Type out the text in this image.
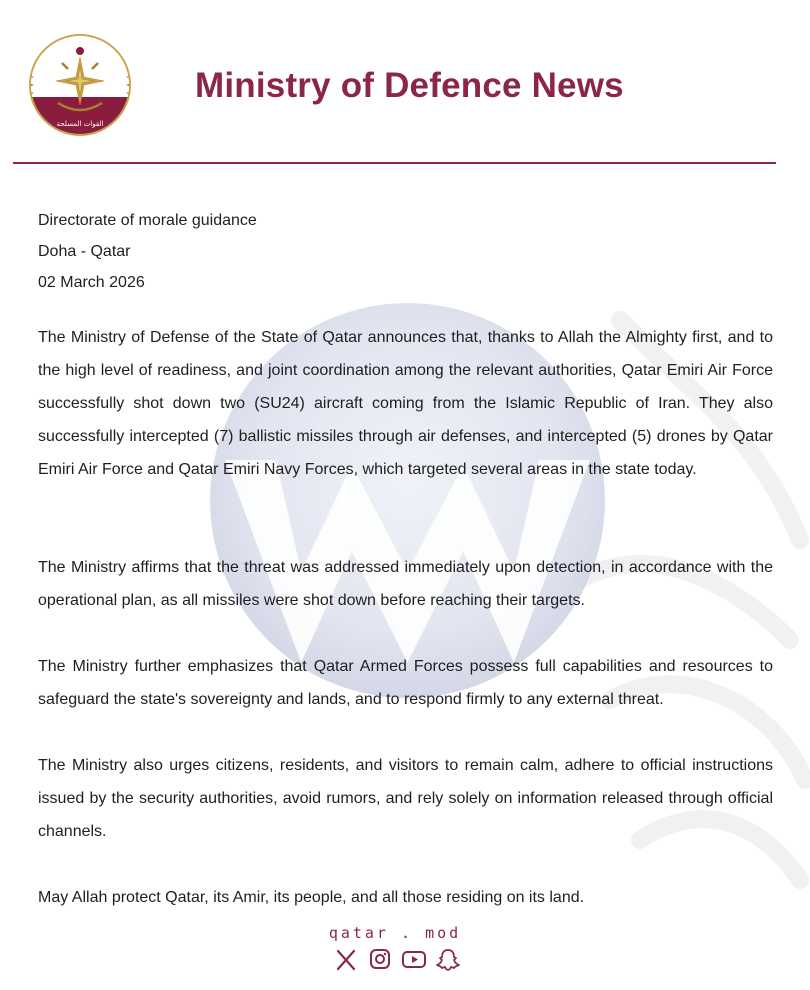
القوات المسلحة
Ministry of Defence News
Directorate of morale guidance
Doha - Qatar
02 March 2026

The Ministry of Defense of the State of Qatar announces that, thanks to Allah the Almighty first, and to the high level of readiness, and joint coordination among the relevant authorities, Qatar Emiri Air Force successfully shot down two (SU24) aircraft coming from the Islamic Republic of Iran. They also successfully intercepted (7) ballistic missiles through air defenses, and intercepted (5) drones by Qatar Emiri Air Force and Qatar Emiri Navy Forces, which targeted several areas in the state today.

The Ministry affirms that the threat was addressed immediately upon detection, in accordance with the operational plan, as all missiles were shot down before reaching their targets.

The Ministry further emphasizes that Qatar Armed Forces possess full capabilities and resources to safeguard the state's sovereignty and lands, and to respond firmly to any external threat.

The Ministry also urges citizens, residents, and visitors to remain calm, adhere to official instructions issued by the security authorities, avoid rumors, and rely solely on information released through official channels.

May Allah protect Qatar, its Amir, its people, and all those residing on its land.

qatar . mod
